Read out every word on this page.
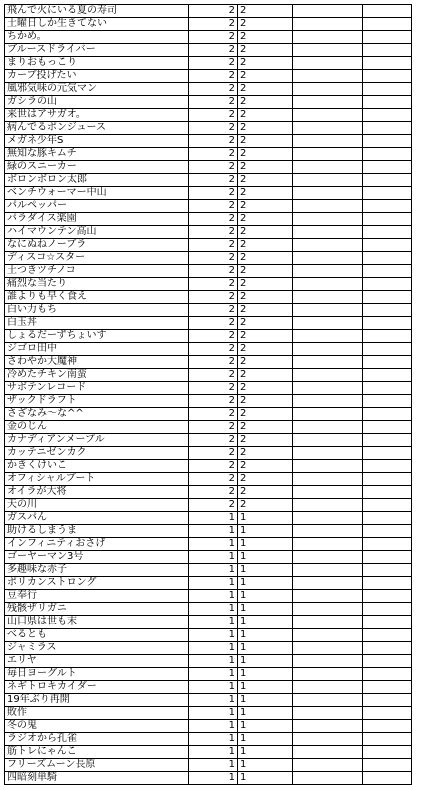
飛んで火にいる夏の寿司	2	2		
土曜日しか生きてない	2	2		
ちかめ。	2	2		
ブルースドライバー	2	2		
まりおもっこり	2	2		
カーブ投げたい	2	2		
風邪気味の元気マン	2	2		
ガシラの山	2	2		
来世はアサガオ。	2	2		
病んでるポンジュース	2	2		
メガネ少年S	2	2		
無知な豚キムチ	2	2		
緑のスニーカー	2	2		
ボロンボロン太郎	2	2		
ベンチウォーマー中山	2	2		
パルペッパー	2	2		
パラダイス楽園	2	2		
ハイマウンテン高山	2	2		
なにぬねノーブラ	2	2		
ディスコ☆スター	2	2		
土つきツチノコ	2	2		
痛烈な当たり	2	2		
誰よりも早く食え	2	2		
白い力もち	2	2		
白玉丼	2	2		
しょるだーずちょいす	2	2		
ジゴロ田中	2	2		
さわやか大魔神	2	2		
冷めたチキン南蛮	2	2		
サボテンレコード	2	2		
ザックドラフト	2	2		
さざなみ～な^^	2	2		
金のじん	2	2		
カナディアンメープル	2	2		
カッテニゼンカク	2	2		
かきくけいこ	2	2		
オフィシャルブート	2	2		
オイラが大将	2	2		
天の川	2	2		
ガスパん	1	1		
助けるしまうま	1	1		
インフィニティおさげ	1	1		
ゴーヤーマン3号	1	1		
多趣味な赤子	1	1		
ポリカンストロング	1	1		
豆奉行	1	1		
残骸ザリガニ	1	1		
山口県は世も末	1	1		
べるとも	1	1		
ジャミラス	1	1		
エリヤ	1	1		
毎日ヨーグルト	1	1		
ネギトロキカイダー	1	1		
19年ぶり再開	1	1		
敗作	1	1		
冬の鬼	1	1		
ラジオから孔雀	1	1		
筋トレにゃんこ	1	1		
フリーズムーン長原	1	1		
四暗刻単騎	1	1		
